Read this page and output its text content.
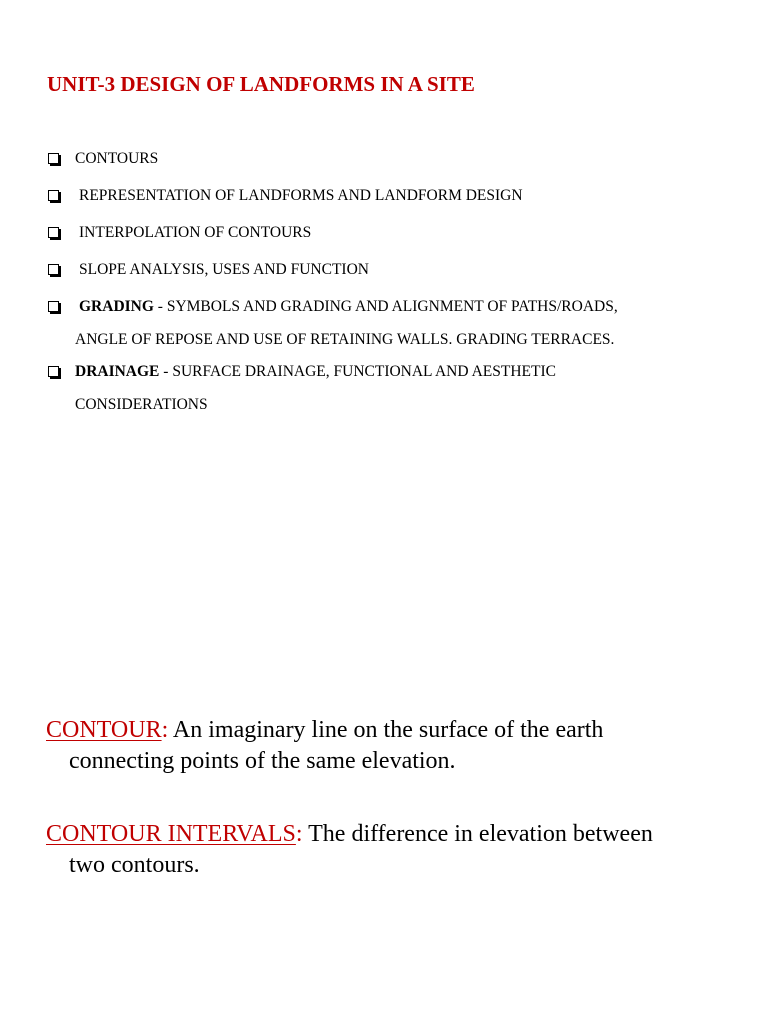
UNIT-3 DESIGN OF LANDFORMS IN A SITE
CONTOURS
REPRESENTATION OF LANDFORMS AND LANDFORM DESIGN
INTERPOLATION OF CONTOURS
SLOPE ANALYSIS, USES AND FUNCTION
GRADING - SYMBOLS AND GRADING AND ALIGNMENT OF PATHS/ROADS,
ANGLE OF REPOSE AND USE OF RETAINING WALLS. GRADING TERRACES.
DRAINAGE - SURFACE DRAINAGE, FUNCTIONAL AND AESTHETIC
CONSIDERATIONS

CONTOUR: An imaginary line on the surface of the earth
connecting points of the same elevation.

CONTOUR INTERVALS: The difference in elevation between
two contours.
